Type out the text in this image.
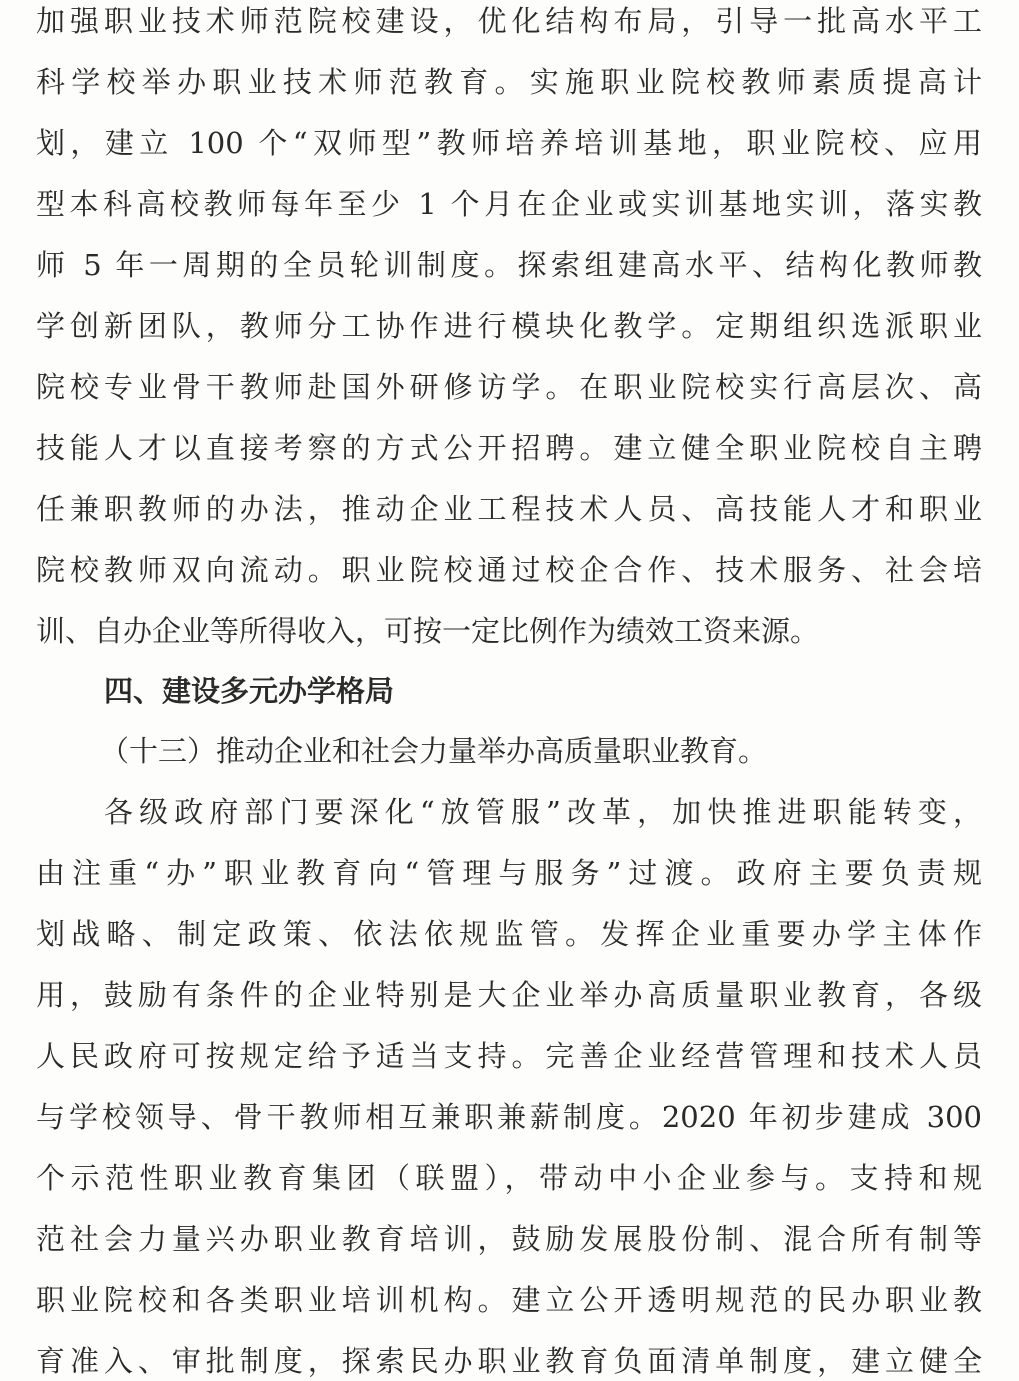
加强职业技术师范院校建设，优化结构布局，引导一批高水平工
科学校举办职业技术师范教育。实施职业院校教师素质提高计
划，建立 100 个“双师型”教师培养培训基地，职业院校、应用
型本科高校教师每年至少 1 个月在企业或实训基地实训，落实教
师 5 年一周期的全员轮训制度。探索组建高水平、结构化教师教
学创新团队，教师分工协作进行模块化教学。定期组织选派职业
院校专业骨干教师赴国外研修访学。在职业院校实行高层次、高
技能人才以直接考察的方式公开招聘。建立健全职业院校自主聘
任兼职教师的办法，推动企业工程技术人员、高技能人才和职业
院校教师双向流动。职业院校通过校企合作、技术服务、社会培
训、自办企业等所得收入，可按一定比例作为绩效工资来源。
四、建设多元办学格局
（十三）推动企业和社会力量举办高质量职业教育。
各级政府部门要深化“放管服”改革，加快推进职能转变，
由注重“办”职业教育向“管理与服务”过渡。政府主要负责规
划战略、制定政策、依法依规监管。发挥企业重要办学主体作
用，鼓励有条件的企业特别是大企业举办高质量职业教育，各级
人民政府可按规定给予适当支持。完善企业经营管理和技术人员
与学校领导、骨干教师相互兼职兼薪制度。2020 年初步建成 300
个示范性职业教育集团（联盟），带动中小企业参与。支持和规
范社会力量兴办职业教育培训，鼓励发展股份制、混合所有制等
职业院校和各类职业培训机构。建立公开透明规范的民办职业教
育准入、审批制度，探索民办职业教育负面清单制度，建立健全
